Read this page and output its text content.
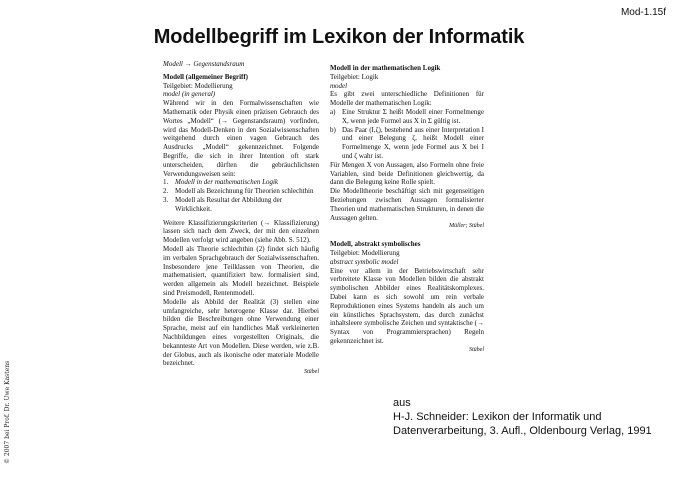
Mod-1.15f
Modellbegriff im Lexikon der Informatik
© 2007 bei Prof. Dr. Uwe Kastens

Modell → Gegenstandsraum

Modell (allgemeiner Begriff)

Teilgebiet: Modellierung

model (in general)

Während wir in den Formalwissenschaften wie Mathematik oder Physik einen präzisen Gebrauch des Wortes „Modell“ (→ Gegenstandsraum) vorfinden, wird das Modell-Denken in den Sozialwissenschaften weitgehend durch einen vagen Gebrauch des Ausdrucks „Modell“ gekennzeichnet. Folgende Begriffe, die sich in ihrer Intention oft stark unterscheiden, dürften die gebräuchlichsten Verwendungsweisen sein:

1. Modell in der mathematischen Logik
2. Modell als Bezeichnung für Theorien schlechthin
3. Modell als Resultat der Abbildung der Wirklichkeit.

Weitere Klassifizierungskriterien (→ Klassifizierung) lassen sich nach dem Zweck, der mit den einzelnen Modellen verfolgt wird angeben (siehe Abb. S. 512).

Modell als Theorie schlechthin (2) findet sich häufig im verbalen Sprachgebrauch der Sozialwissenschaften. Insbesondere jene Teilklassen von Theorien, die mathematisiert, quantifiziert bzw. formalisiert sind, werden allgemein als Modell bezeichnet. Beispiele sind Preismodell, Rentenmodell.

Modelle als Abbild der Realität (3) stellen eine umfangreiche, sehr heterogene Klasse dar. Hierbei bilden die Beschreibungen ohne Verwendung einer Sprache, meist auf ein handliches Maß verkleinerten Nachbildungen eines vorgestellten Originals, die bekannteste Art von Modellen. Diese werden, wie z.B. der Globus, auch als ikonische oder materiale Modelle bezeichnet.

Stübel

Modell in der mathematischen Logik

Teilgebiet: Logik

model

Es gibt zwei unterschiedliche Definitionen für Modelle der mathematischen Logik:

a) Eine Struktur Σ heißt Modell einer Formelmenge X, wenn jede Formel aus X in Σ gültig ist.
b) Das Paar (I,ζ), bestehend aus einer Interpretation I und einer Belegung ζ, heißt Modell einer Formelmenge X, wenn jede Formel aus X bei I und ζ wahr ist.

Für Mengen X von Aussagen, also Formeln ohne freie Variablen, sind beide Definitionen gleichwertig, da dann die Belegung keine Rolle spielt.

Die Modelltheorie beschäftigt sich mit gegenseitigen Beziehungen zwischen Aussagen formalisierter Theorien und mathematischen Strukturen, in denen die Aussagen gelten.

Müller; Stübel

Modell, abstrakt symbolisches

Teilgebiet: Modellierung

abstract symbolic model

Eine vor allem in der Betriebswirtschaft sehr verbreitete Klasse von Modellen bilden die abstrakt symbolischen Abbilder eines Realitätskomplexes. Dabei kann es sich sowohl um rein verbale Reproduktionen eines Systems handeln als auch um ein künstliches Sprachsystem, das durch zunächst inhaltsleere symbolische Zeichen und syntaktische (→ Syntax von Programmiersprachen) Regeln gekennzeichnet ist.

Stübel

aus
H-J. Schneider: Lexikon der Informatik und
Datenverarbeitung, 3. Aufl., Oldenbourg Verlag, 1991
